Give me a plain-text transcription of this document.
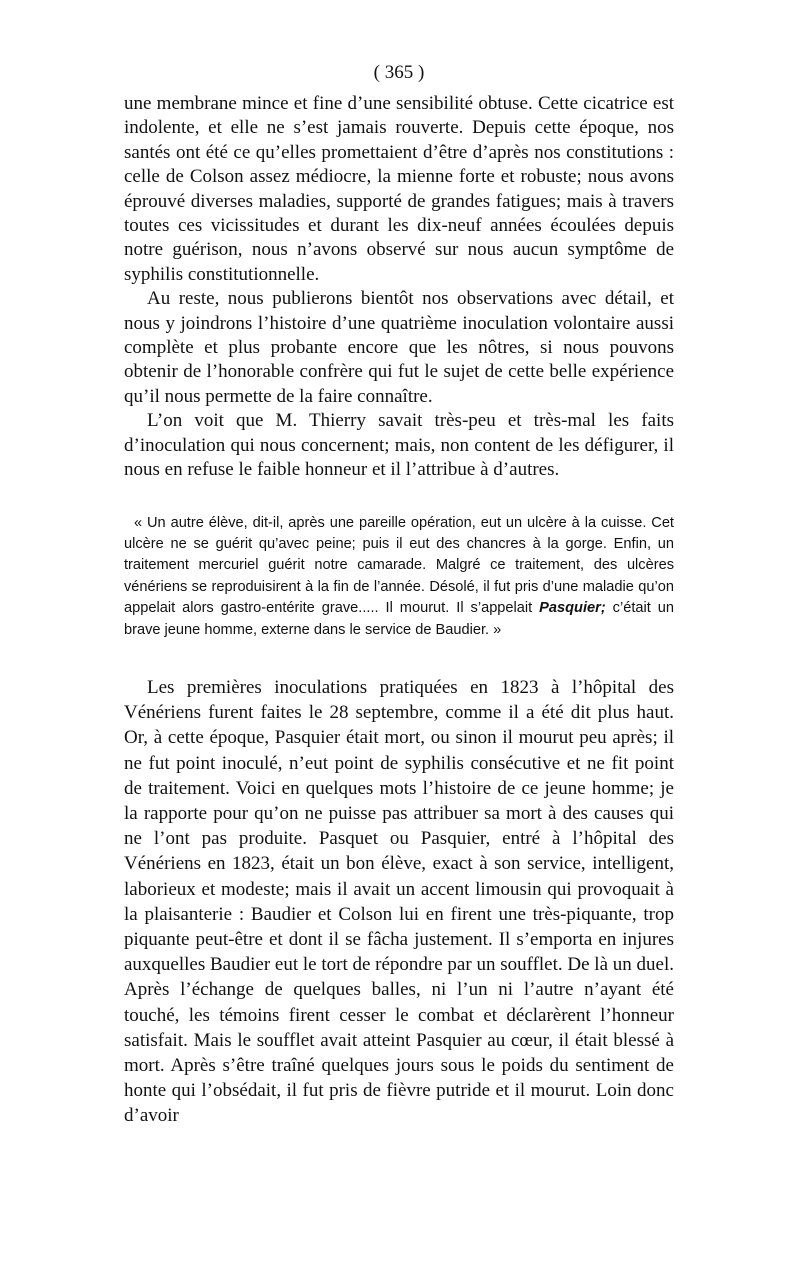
( 365 )

une membrane mince et fine d’une sensibilité obtuse. Cette cicatrice est indolente, et elle ne s’est jamais rouverte. Depuis cette époque, nos santés ont été ce qu’elles promettaient d’être d’après nos constitutions : celle de Colson assez médiocre, la mienne forte et robuste; nous avons éprouvé diverses maladies, supporté de grandes fatigues; mais à travers toutes ces vicissitudes et durant les dix-neuf années écoulées depuis notre guérison, nous n’avons observé sur nous aucun symptôme de syphilis constitutionnelle.

Au reste, nous publierons bientôt nos observations avec détail, et nous y joindrons l’histoire d’une quatrième inoculation volontaire aussi complète et plus probante encore que les nôtres, si nous pouvons obtenir de l’honorable confrère qui fut le sujet de cette belle expérience qu’il nous permette de la faire connaître.

L’on voit que M. Thierry savait très-peu et très-mal les faits d’inoculation qui nous concernent; mais, non content de les défigurer, il nous en refuse le faible honneur et il l’attribue à d’autres.

« Un autre élève, dit-il, après une pareille opération, eut un ulcère à la cuisse. Cet ulcère ne se guérit qu’avec peine; puis il eut des chancres à la gorge. Enfin, un traitement mercuriel guérit notre camarade. Malgré ce traitement, des ulcères vénériens se reproduisirent à la fin de l’année. Désolé, il fut pris d’une maladie qu’on appelait alors gastro-entérite grave..... Il mourut. Il s’appelait Pasquier; c’était un brave jeune homme, externe dans le service de Baudier. »

Les premières inoculations pratiquées en 1823 à l’hôpital des Vénériens furent faites le 28 septembre, comme il a été dit plus haut. Or, à cette époque, Pasquier était mort, ou sinon il mourut peu après; il ne fut point inoculé, n’eut point de syphilis consécutive et ne fit point de traitement. Voici en quelques mots l’histoire de ce jeune homme; je la rapporte pour qu’on ne puisse pas attribuer sa mort à des causes qui ne l’ont pas produite. Pasquet ou Pasquier, entré à l’hôpital des Vénériens en 1823, était un bon élève, exact à son service, intelligent, laborieux et modeste; mais il avait un accent limousin qui provoquait à la plaisanterie : Baudier et Colson lui en firent une très-piquante, trop piquante peut-être et dont il se fâcha justement. Il s’emporta en injures auxquelles Baudier eut le tort de répondre par un soufflet. De là un duel. Après l’échange de quelques balles, ni l’un ni l’autre n’ayant été touché, les témoins firent cesser le combat et déclarèrent l’honneur satisfait. Mais le soufflet avait atteint Pasquier au cœur, il était blessé à mort. Après s’être traîné quelques jours sous le poids du sentiment de honte qui l’obsédait, il fut pris de fièvre putride et il mourut. Loin donc d’avoir
